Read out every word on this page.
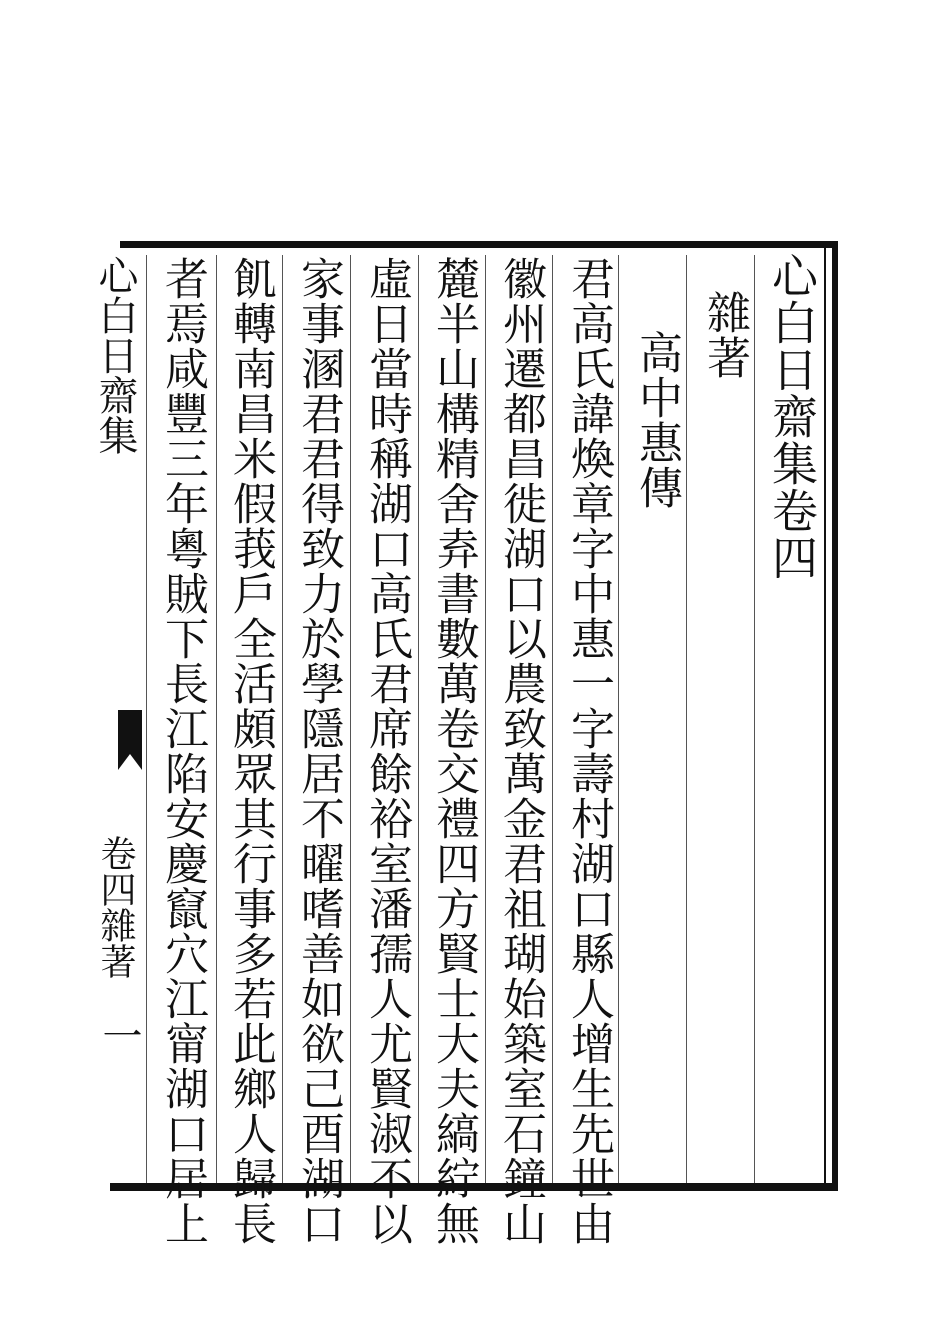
心白日齋集
卷四雜著
一
心白日齋集卷四
雜著
高中惠傳
君高氏諱煥章字中惠一字壽村湖口縣人增生先世由
徽州遷都昌徙湖口以農致萬金君祖瑚始築室石鐘山
麓半山構精舍弆書數萬卷交禮四方賢士大夫縞紵無
虛日當時稱湖口高氏君席餘裕室潘孺人尤賢淑不以
家事溷君君得致力於學隱居不曜嗜善如欲己酉湖口
飢轉南昌米假莪戶全活頗眾其行事多若此鄉人歸長
者焉咸豐三年粵賊下長江陷安慶竄穴江甯湖口居上
